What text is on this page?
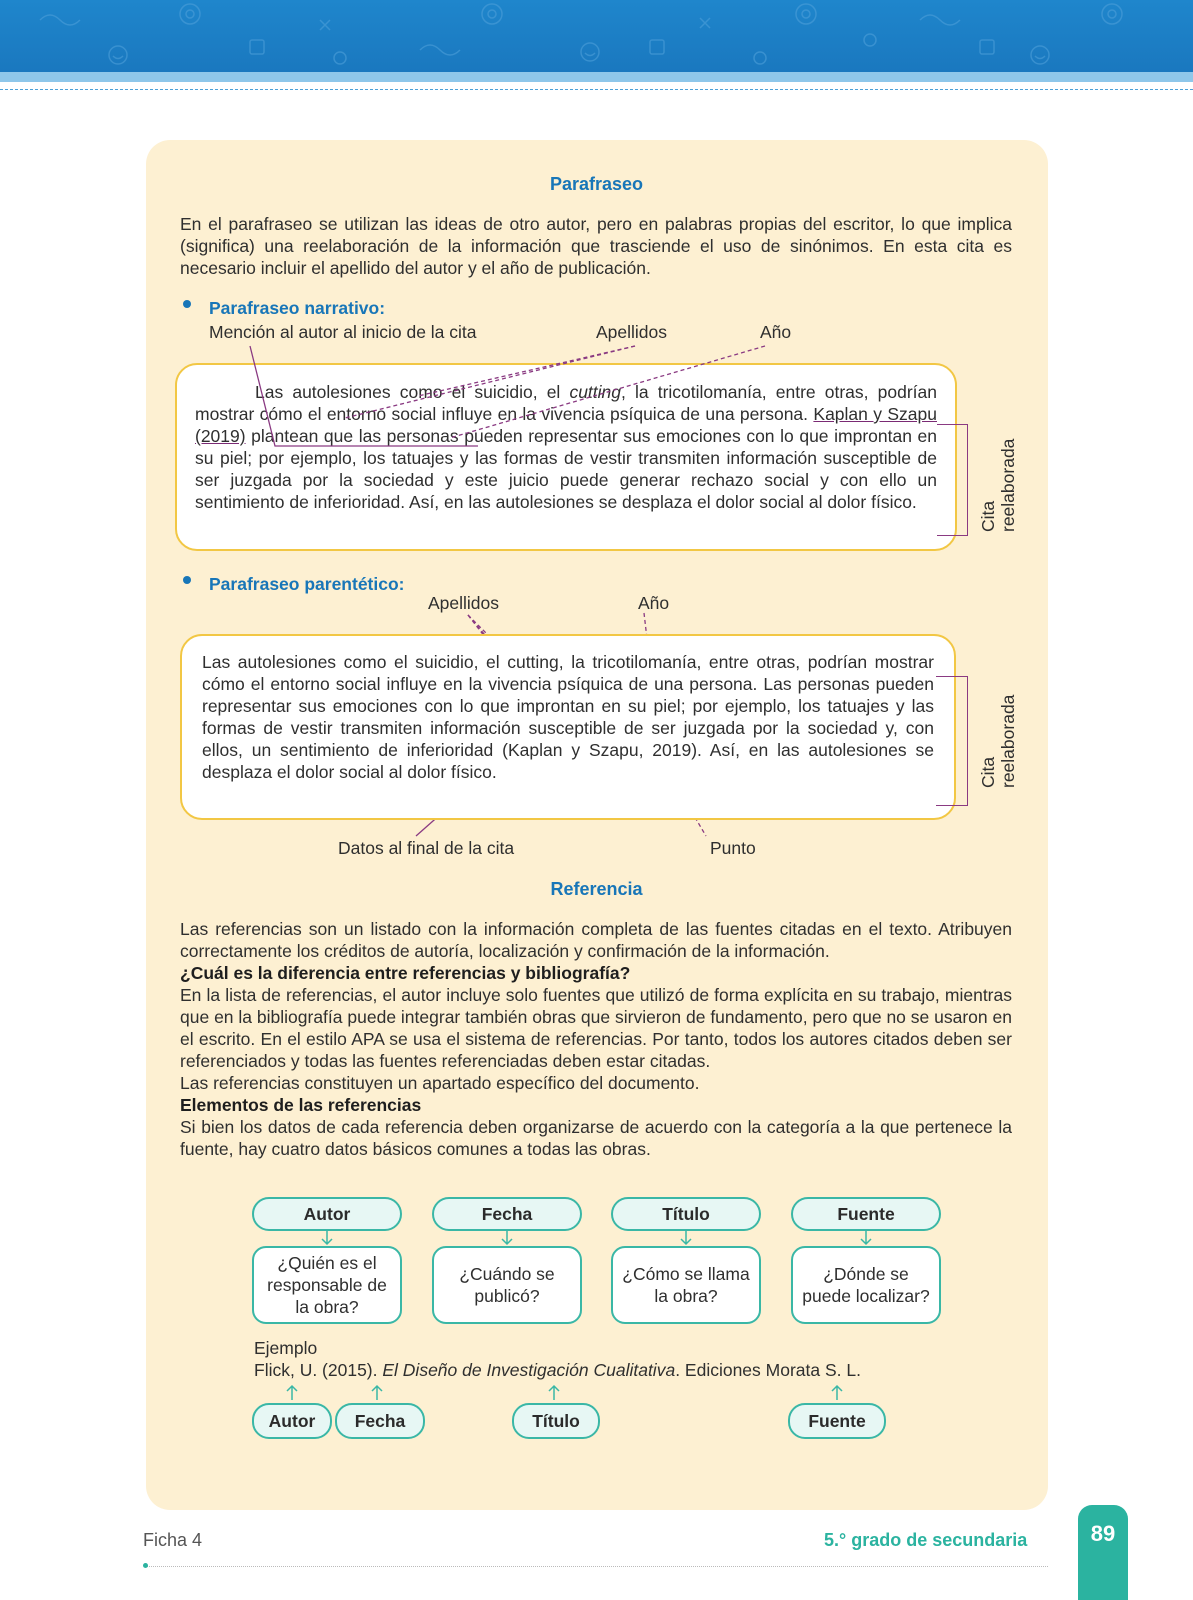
Parafraseo

En el parafraseo se utilizan las ideas de otro autor, pero en palabras propias del escritor, lo que implica (significa) una reelaboración de la información que trasciende el uso de sinónimos. En esta cita es necesario incluir el apellido del autor y el año de publicación.

Parafraseo narrativo:
Mención al autor al inicio de la cita	Apellidos	Año

Las autolesiones como el suicidio, el cutting, la tricotilomanía, entre otras, podrían mostrar cómo el entorno social influye en la vivencia psíquica de una persona. Kaplan y Szapu (2019) plantean que las personas pueden representar sus emociones con lo que improntan en su piel; por ejemplo, los tatuajes y las formas de vestir transmiten información susceptible de ser juzgada por la sociedad y este juicio puede generar rechazo social y con ello un sentimiento de inferioridad. Así, en las autolesiones se desplaza el dolor social al dolor físico.	Cita
reelaborada
Parafraseo parentético:
Apellidos	Año

Las autolesiones como el suicidio, el cutting, la tricotilomanía, entre otras, podrían mostrar cómo el entorno social influye en la vivencia psíquica de una persona. Las personas pueden representar sus emociones con lo que improntan en su piel; por ejemplo, los tatuajes y las formas de vestir transmiten información susceptible de ser juzgada por la sociedad y, con ellos, un sentimiento de inferioridad (Kaplan y Szapu, 2019). Así, en las autolesiones se desplaza el dolor social al dolor físico.	Cita
reelaborada
Datos al final de la cita	Punto
Referencia
Las referencias son un listado con la información completa de las fuentes citadas en el texto. Atribuyen correctamente los créditos de autoría, localización y confirmación de la información.
¿Cuál es la diferencia entre referencias y bibliografía?
En la lista de referencias, el autor incluye solo fuentes que utilizó de forma explícita en su trabajo, mientras que en la bibliografía puede integrar también obras que sirvieron de fundamento, pero que no se usaron en el escrito. En el estilo APA se usa el sistema de referencias. Por tanto, todos los autores citados deben ser referenciados y todas las fuentes referenciadas deben estar citadas.
Las referencias constituyen un apartado específico del documento.
Elementos de las referencias
Si bien los datos de cada referencia deben organizarse de acuerdo con la categoría a la que pertenece la fuente, hay cuatro datos básicos comunes a todas las obras.
Autor	Fecha	Título	Fuente
¿Quién es el responsable de la obra?
¿Cuándo se publicó?
¿Cómo se llama la obra?
¿Dónde se puede localizar?
Ejemplo
Flick, U. (2015). El Diseño de Investigación Cualitativa. Ediciones Morata S. L.
Autor	Fecha	Título	Fuente
Ficha 4	5.° grado de secundaria	89
